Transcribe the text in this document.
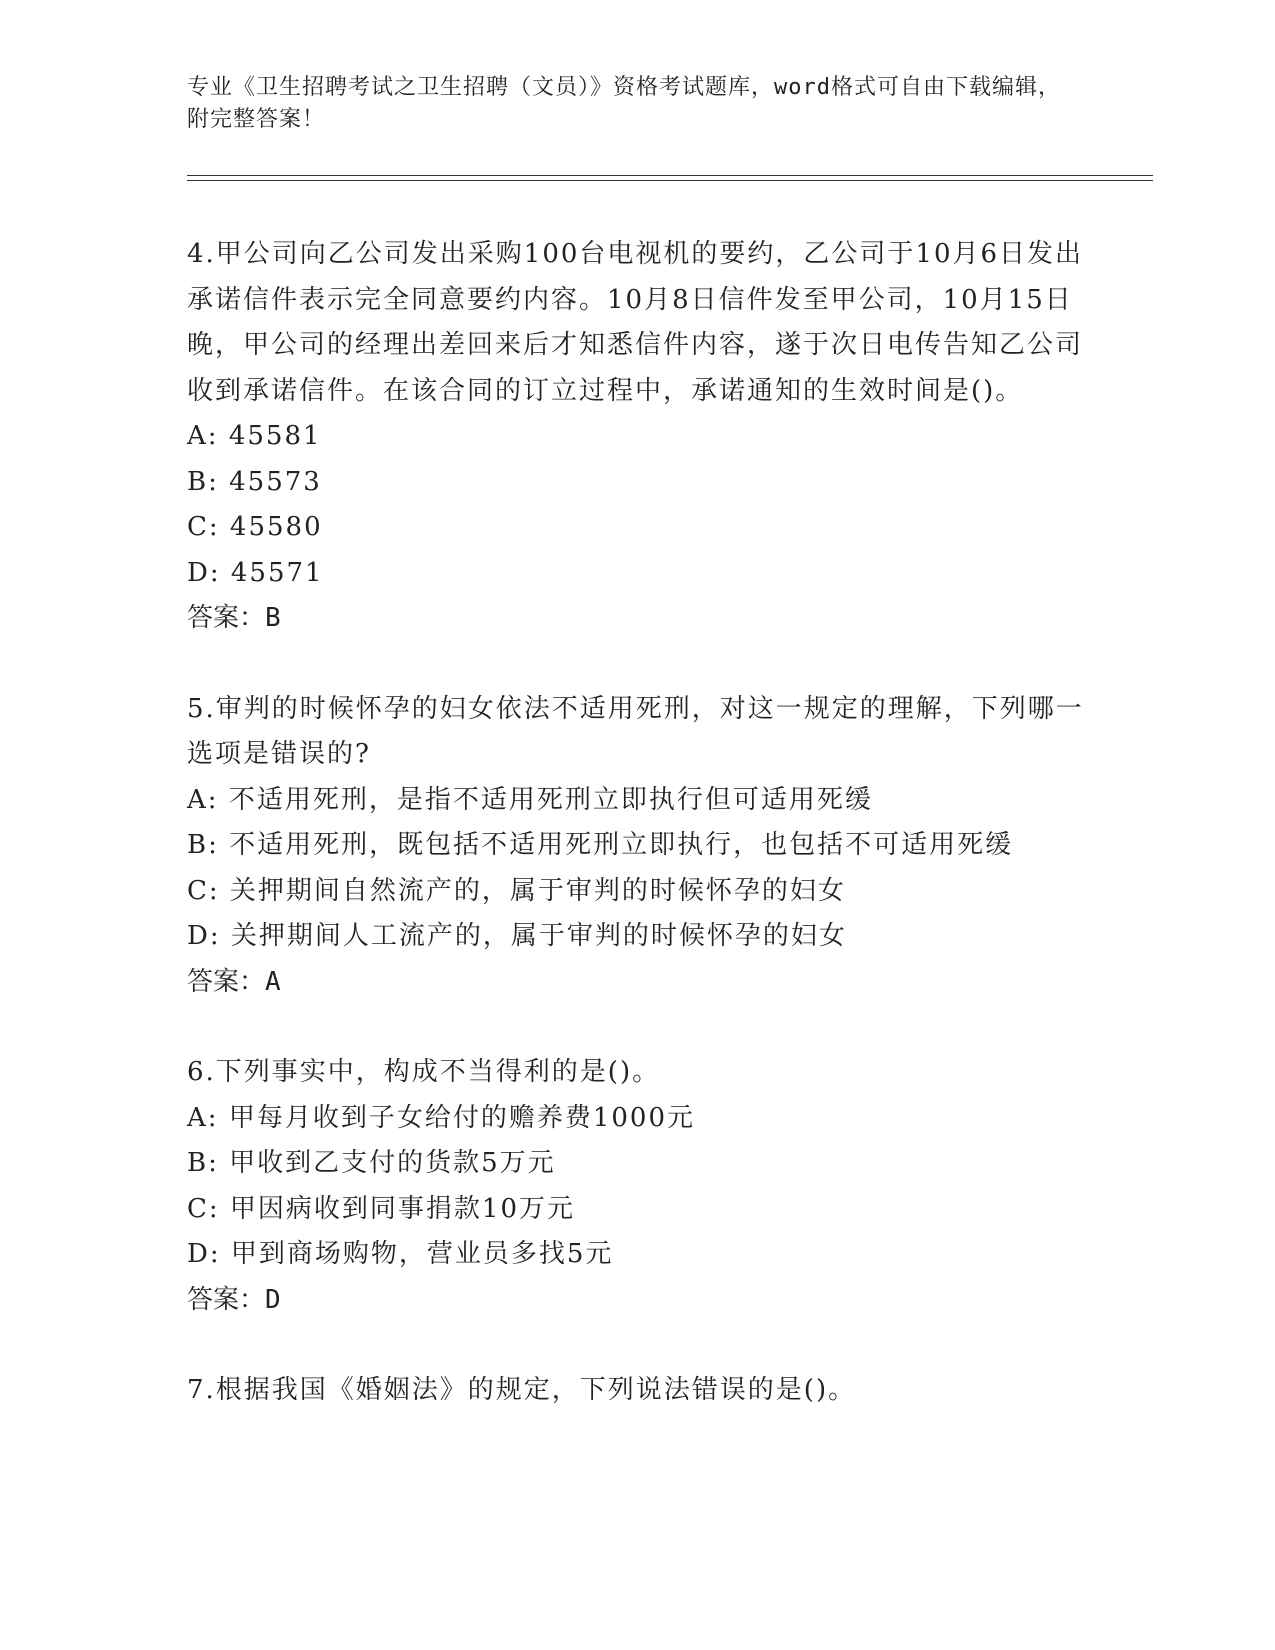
专业《卫生招聘考试之卫生招聘（文员）》资格考试题库，word格式可自由下载编辑，附完整答案！

4.甲公司向乙公司发出采购100台电视机的要约，乙公司于10月6日发出承诺信件表示完全同意要约内容。10月8日信件发至甲公司，10月15日晚，甲公司的经理出差回来后才知悉信件内容，遂于次日电传告知乙公司收到承诺信件。在该合同的订立过程中，承诺通知的生效时间是()。

A: 45581

B: 45573

C: 45580

D: 45571

答案：B

5.审判的时候怀孕的妇女依法不适用死刑，对这一规定的理解，下列哪一选项是错误的?

A: 不适用死刑，是指不适用死刑立即执行但可适用死缓

B: 不适用死刑，既包括不适用死刑立即执行，也包括不可适用死缓

C: 关押期间自然流产的，属于审判的时候怀孕的妇女

D: 关押期间人工流产的，属于审判的时候怀孕的妇女

答案：A

6.下列事实中，构成不当得利的是()。

A: 甲每月收到子女给付的赡养费1000元

B: 甲收到乙支付的货款5万元

C: 甲因病收到同事捐款10万元

D: 甲到商场购物，营业员多找5元

答案：D

7.根据我国《婚姻法》的规定，下列说法错误的是()。
